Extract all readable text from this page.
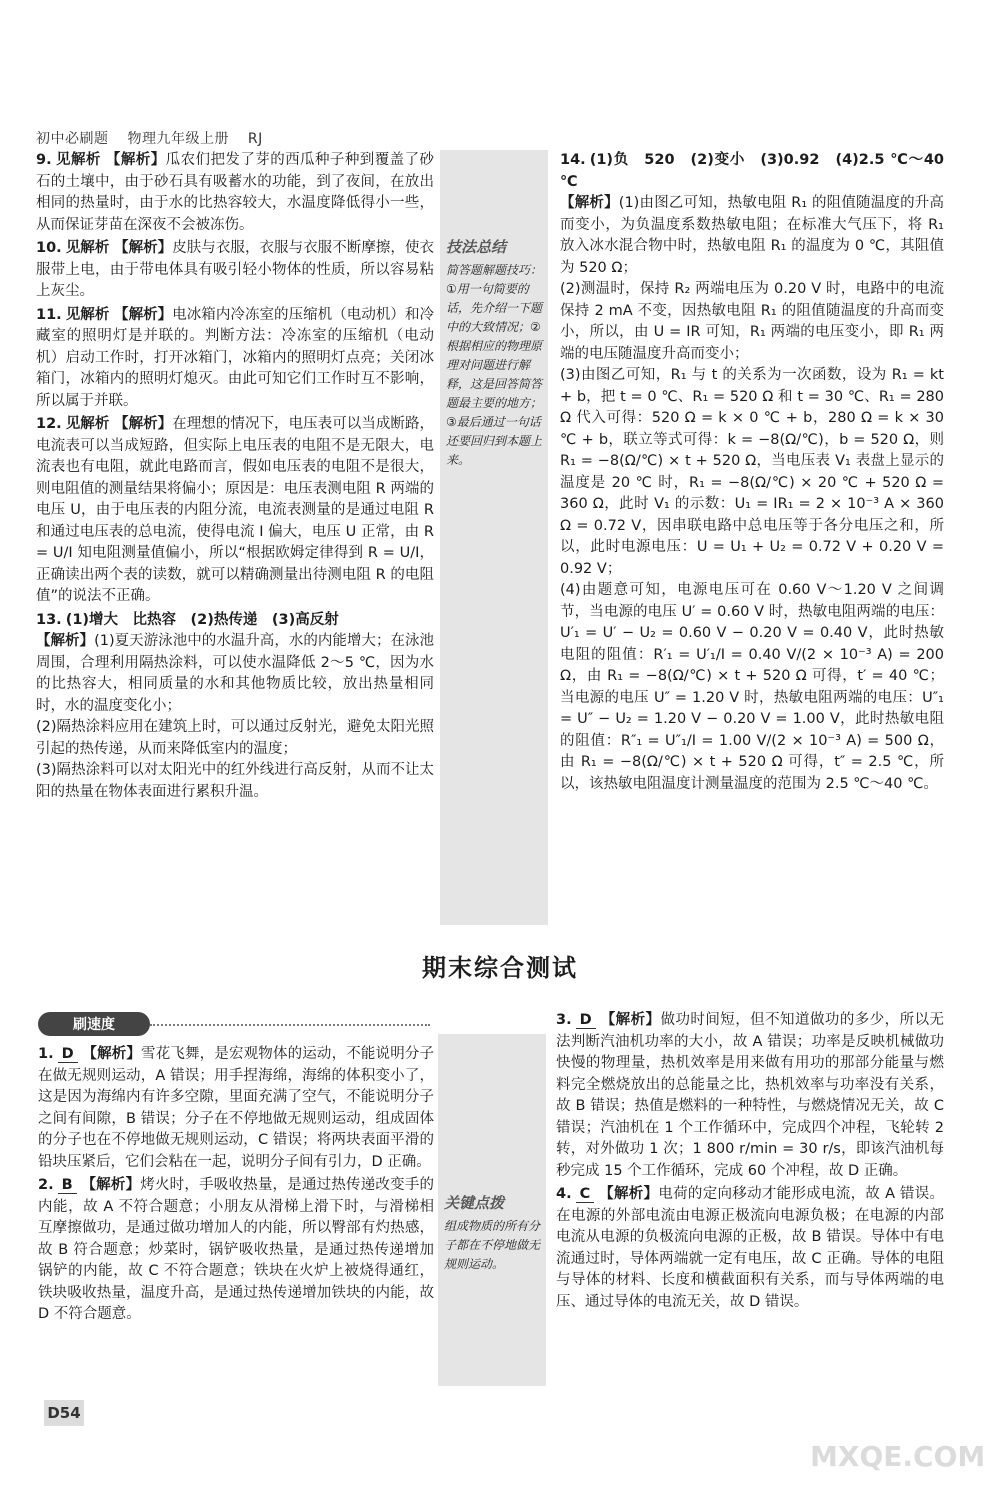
初中必刷题 物理九年级上册 RJ
9. 见解析 【解析】瓜农们把发了芽的西瓜种子种到覆盖了砂石的土壤中，由于砂石具有吸蓄水的功能，到了夜间，在放出相同的热量时，由于水的比热容较大，水温度降低得小一些，从而保证芽苗在深夜不会被冻伤。
10. 见解析 【解析】皮肤与衣服，衣服与衣服不断摩擦，使衣服带上电，由于带电体具有吸引轻小物体的性质，所以容易粘上灰尘。
11. 见解析 【解析】电冰箱内冷冻室的压缩机（电动机）和冷藏室的照明灯是并联的。判断方法：冷冻室的压缩机（电动机）启动工作时，打开冰箱门，冰箱内的照明灯点亮；关闭冰箱门，冰箱内的照明灯熄灭。由此可知它们工作时互不影响，所以属于并联。
12. 见解析 【解析】在理想的情况下，电压表可以当成断路，电流表可以当成短路，但实际上电压表的电阻不是无限大，电流表也有电阻，就此电路而言，假如电压表的电阻不是很大，则电阻值的测量结果将偏小；原因是：电压表测电阻 R 两端的电压 U，由于电压表的内阻分流，电流表测量的是通过电阻 R 和通过电压表的总电流，使得电流 I 偏大，电压 U 正常，由 R = U/I 知电阻测量值偏小，所以“根据欧姆定律得到 R = U/I，正确读出两个表的读数，就可以精确测量出待测电阻 R 的电阻值”的说法不正确。
13. (1)增大　比热容　(2)热传递　(3)高反射
【解析】(1)夏天游泳池中的水温升高，水的内能增大；在泳池周围，合理利用隔热涂料，可以使水温降低 2～5 ℃，因为水的比热容大，相同质量的水和其他物质比较，放出热量相同时，水的温度变化小；
(2)隔热涂料应用在建筑上时，可以通过反射光，避免太阳光照引起的热传递，从而来降低室内的温度；
(3)隔热涂料可以对太阳光中的红外线进行高反射，从而不让太阳的热量在物体表面进行累积升温。
技法总结
简答题解题技巧：①用一句简要的话，先介绍一下题中的大致情况；②根据相应的物理原理对问题进行解释，这是回答简答题最主要的地方；③最后通过一句话还要回归到本题上来。
14. (1)负　520　(2)变小　(3)0.92　(4)2.5 ℃～40 ℃
【解析】(1)由图乙可知，热敏电阻 R₁ 的阻值随温度的升高而变小，为负温度系数热敏电阻；在标准大气压下，将 R₁ 放入冰水混合物中时，热敏电阻 R₁ 的温度为 0 ℃，其阻值为 520 Ω；
(2)测温时，保持 R₂ 两端电压为 0.20 V 时，电路中的电流保持 2 mA 不变，因热敏电阻 R₁ 的阻值随温度的升高而变小，所以，由 U = IR 可知，R₁ 两端的电压变小，即 R₁ 两端的电压随温度升高而变小；
(3)由图乙可知，R₁ 与 t 的关系为一次函数，设为 R₁ = kt + b，把 t = 0 ℃、R₁ = 520 Ω 和 t = 30 ℃、R₁ = 280 Ω 代入可得：520 Ω = k × 0 ℃ + b，280 Ω = k × 30 ℃ + b，联立等式可得：k = −8(Ω/℃)，b = 520 Ω，则 R₁ = −8(Ω/℃) × t + 520 Ω，当电压表 V₁ 表盘上显示的温度是 20 ℃ 时，R₁ = −8(Ω/℃) × 20 ℃ + 520 Ω = 360 Ω，此时 V₁ 的示数：U₁ = IR₁ = 2 × 10⁻³ A × 360 Ω = 0.72 V，因串联电路中总电压等于各分电压之和，所以，此时电源电压：U = U₁ + U₂ = 0.72 V + 0.20 V = 0.92 V；
(4)由题意可知，电源电压可在 0.60 V～1.20 V 之间调节，当电源的电压 U′ = 0.60 V 时，热敏电阻两端的电压：U′₁ = U′ − U₂ = 0.60 V − 0.20 V = 0.40 V，此时热敏电阻的阻值：R′₁ = U′₁/I = 0.40 V/(2 × 10⁻³ A) = 200 Ω，由 R₁ = −8(Ω/℃) × t + 520 Ω 可得，t′ = 40 ℃；当电源的电压 U″ = 1.20 V 时，热敏电阻两端的电压：U″₁ = U″ − U₂ = 1.20 V − 0.20 V = 1.00 V，此时热敏电阻的阻值：R″₁ = U″₁/I = 1.00 V/(2 × 10⁻³ A) = 500 Ω，由 R₁ = −8(Ω/℃) × t + 520 Ω 可得，t″ = 2.5 ℃，所以，该热敏电阻温度计测量温度的范围为 2.5 ℃～40 ℃。
期末综合测试
刷速度
1. D 【解析】雪花飞舞，是宏观物体的运动，不能说明分子在做无规则运动，A 错误；用手捏海绵，海绵的体积变小了，这是因为海绵内有许多空隙，里面充满了空气，不能说明分子之间有间隙，B 错误；分子在不停地做无规则运动，组成固体的分子也在不停地做无规则运动，C 错误；将两块表面平滑的铅块压紧后，它们会粘在一起，说明分子间有引力，D 正确。
2. B 【解析】烤火时，手吸收热量，是通过热传递改变手的内能，故 A 不符合题意；小朋友从滑梯上滑下时，与滑梯相互摩擦做功，是通过做功增加人的内能，所以臀部有灼热感，故 B 符合题意；炒菜时，锅铲吸收热量，是通过热传递增加锅铲的内能，故 C 不符合题意；铁块在火炉上被烧得通红，铁块吸收热量，温度升高，是通过热传递增加铁块的内能，故 D 不符合题意。
关键点拨
组成物质的所有分子都在不停地做无规则运动。
3. D 【解析】做功时间短，但不知道做功的多少，所以无法判断汽油机功率的大小，故 A 错误；功率是反映机械做功快慢的物理量，热机效率是用来做有用功的那部分能量与燃料完全燃烧放出的总能量之比，热机效率与功率没有关系，故 B 错误；热值是燃料的一种特性，与燃烧情况无关，故 C 错误；汽油机在 1 个工作循环中，完成四个冲程，飞轮转 2 转，对外做功 1 次；1 800 r/min = 30 r/s，即该汽油机每秒完成 15 个工作循环，完成 60 个冲程，故 D 正确。
4. C 【解析】电荷的定向移动才能形成电流，故 A 错误。在电源的外部电流由电源正极流向电源负极；在电源的内部电流从电源的负极流向电源的正极，故 B 错误。导体中有电流通过时，导体两端就一定有电压，故 C 正确。导体的电阻与导体的材料、长度和横截面积有关系，而与导体两端的电压、通过导体的电流无关，故 D 错误。
D54
MXQE.COM
